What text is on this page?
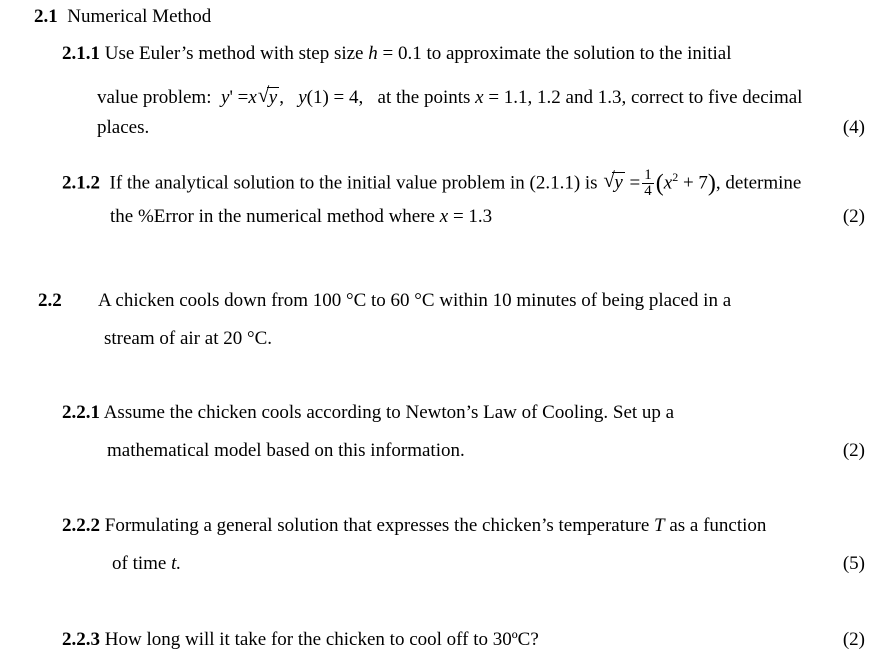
2.1 Numerical Method
2.1.1 Use Euler’s method with step size h = 0.1 to approximate the solution to the initial
value problem: y' =x √ y ,   y(1) = 4, at the points x = 1.1, 1.2 and 1.3, correct to five decimal
places.	(4)
2.1.2 If the analytical solution to the initial value problem in (2.1.1) is √ $y = \frac{1}{4} (x^2 + 7)$, determine
the %Error in the numerical method where x = 1.3	(2)
2.2 A chicken cools down from 100 °C to 60 °C within 10 minutes of being placed in a
stream of air at 20 °C.
2.2.1 Assume the chicken cools according to Newton’s Law of Cooling. Set up a
mathematical model based on this information.	(2)
2.2.2 Formulating a general solution that expresses the chicken’s temperature T as a function
of time t.	(5)
2.2.3 How long will it take for the chicken to cool off to 30ºC?	(2)
